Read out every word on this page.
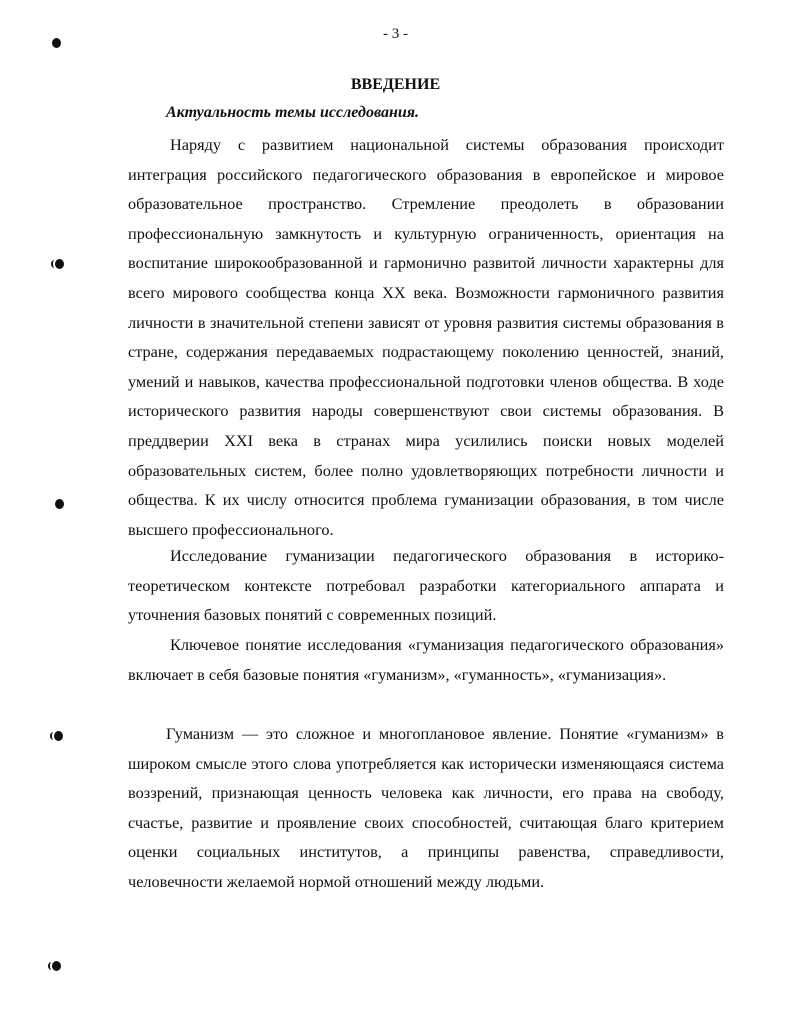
- 3 -
ВВЕДЕНИЕ
Актуальность темы исследования.

Наряду с развитием национальной системы образования происходит интеграция российского педагогического образования в европейское и мировое образовательное пространство. Стремление преодолеть в образовании профессиональную замкнутость и культурную ограниченность, ориентация на воспитание широкообразованной и гармонично развитой личности характерны для всего мирового сообщества конца XX века. Возможности гармоничного развития личности в значительной степени зависят от уровня развития системы образования в стране, содержания передаваемых подрастающему поколению ценностей, знаний, умений и навыков, качества профессиональной подготовки членов общества. В ходе исторического развития народы совершенствуют свои системы образования. В преддверии XXI века в странах мира усилились поиски новых моделей образовательных систем, более полно удовлетворяющих потребности личности и общества. К их числу относится проблема гуманизации образования, в том числе высшего профессионального.

Исследование гуманизации педагогического образования в историко-теоретическом контексте потребовал разработки категориального аппарата и уточнения базовых понятий с современных позиций.

Ключевое понятие исследования «гуманизация педагогического образования» включает в себя базовые понятия «гуманизм», «гуманность», «гуманизация».

Гуманизм — это сложное и многоплановое явление. Понятие «гуманизм» в широком смысле этого слова употребляется как исторически изменяющаяся система воззрений, признающая ценность человека как личности, его права на свободу, счастье, развитие и проявление своих способностей, считающая благо критерием оценки социальных институтов, а принципы равенства, справедливости, человечности желаемой нормой отношений между людьми.
